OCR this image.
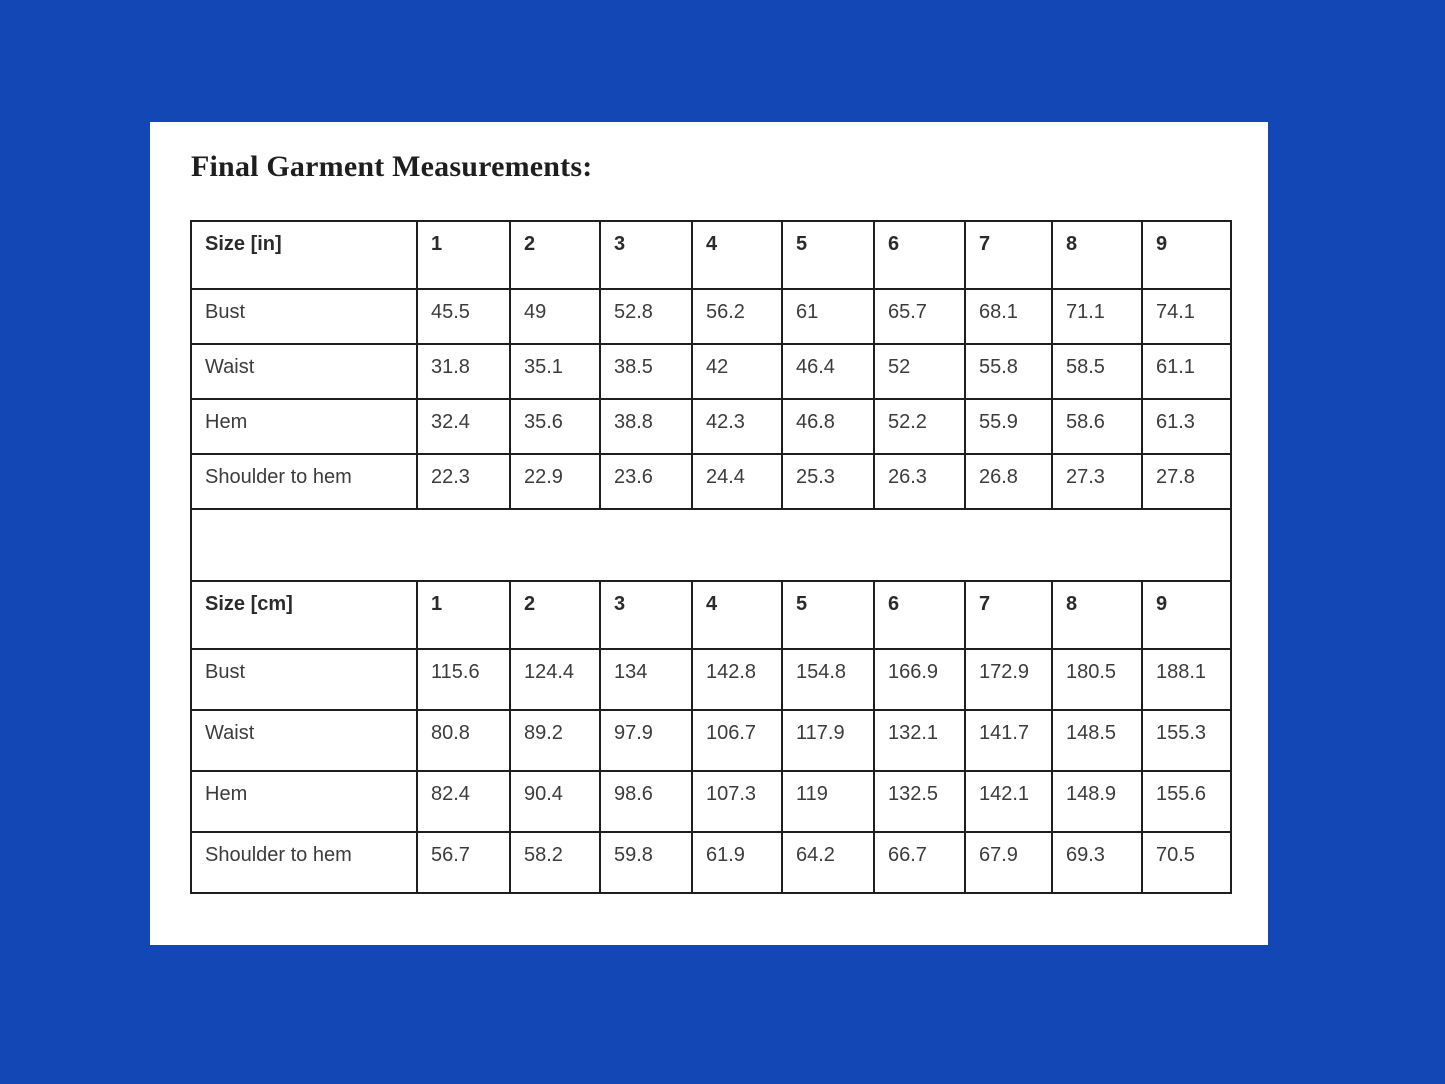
Final Garment Measurements:
Size [in]	1	2	3	4	5	6	7	8	9
Bust	45.5	49	52.8	56.2	61	65.7	68.1	71.1	74.1
Waist	31.8	35.1	38.5	42	46.4	52	55.8	58.5	61.1
Hem	32.4	35.6	38.8	42.3	46.8	52.2	55.9	58.6	61.3
Shoulder to hem	22.3	22.9	23.6	24.4	25.3	26.3	26.8	27.3	27.8

Size [cm]	1	2	3	4	5	6	7	8	9
Bust	115.6	124.4	134	142.8	154.8	166.9	172.9	180.5	188.1
Waist	80.8	89.2	97.9	106.7	117.9	132.1	141.7	148.5	155.3
Hem	82.4	90.4	98.6	107.3	119	132.5	142.1	148.9	155.6
Shoulder to hem	56.7	58.2	59.8	61.9	64.2	66.7	67.9	69.3	70.5
